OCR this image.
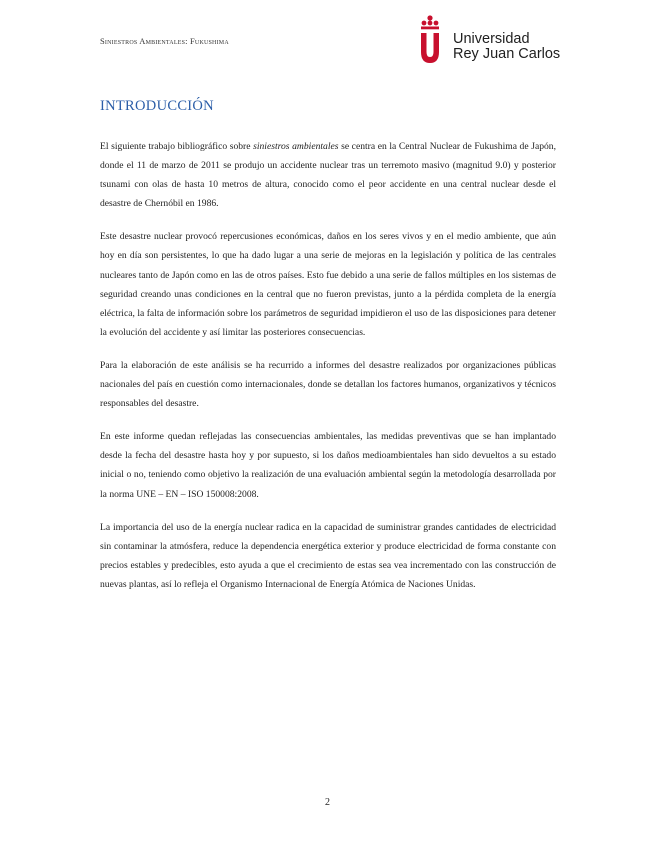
Siniestros Ambientales: Fukushima	Universidad
Rey Juan Carlos
INTRODUCCIÓN

El siguiente trabajo bibliográfico sobre siniestros ambientales se centra en la Central Nuclear de Fukushima de Japón, donde el 11 de marzo de 2011 se produjo un accidente nuclear tras un terremoto masivo (magnitud 9.0) y posterior tsunami con olas de hasta 10 metros de altura, conocido como el peor accidente en una central nuclear desde el desastre de Chernóbil en 1986.

Este desastre nuclear provocó repercusiones económicas, daños en los seres vivos y en el medio ambiente, que aún hoy en día son persistentes, lo que ha dado lugar a una serie de mejoras en la legislación y política de las centrales nucleares tanto de Japón como en las de otros países. Esto fue debido a una serie de fallos múltiples en los sistemas de seguridad creando unas condiciones en la central que no fueron previstas, junto a la pérdida completa de la energía eléctrica, la falta de información sobre los parámetros de seguridad impidieron el uso de las disposiciones para detener la evolución del accidente y así limitar las posteriores consecuencias.

Para la elaboración de este análisis se ha recurrido a informes del desastre realizados por organizaciones públicas nacionales del país en cuestión como internacionales, donde se detallan los factores humanos, organizativos y técnicos responsables del desastre.

En este informe quedan reflejadas las consecuencias ambientales, las medidas preventivas que se han implantado desde la fecha del desastre hasta hoy y por supuesto, si los daños medioambientales han sido devueltos a su estado inicial o no, teniendo como objetivo la realización de una evaluación ambiental según la metodología desarrollada por la norma UNE – EN – ISO 150008:2008.

La importancia del uso de la energía nuclear radica en la capacidad de suministrar grandes cantidades de electricidad sin contaminar la atmósfera, reduce la dependencia energética exterior y produce electricidad de forma constante con precios estables y predecibles, esto ayuda a que el crecimiento de estas sea vea incrementado con las construcción de nuevas plantas, así lo refleja el Organismo Internacional de Energía Atómica de Naciones Unidas.

2
